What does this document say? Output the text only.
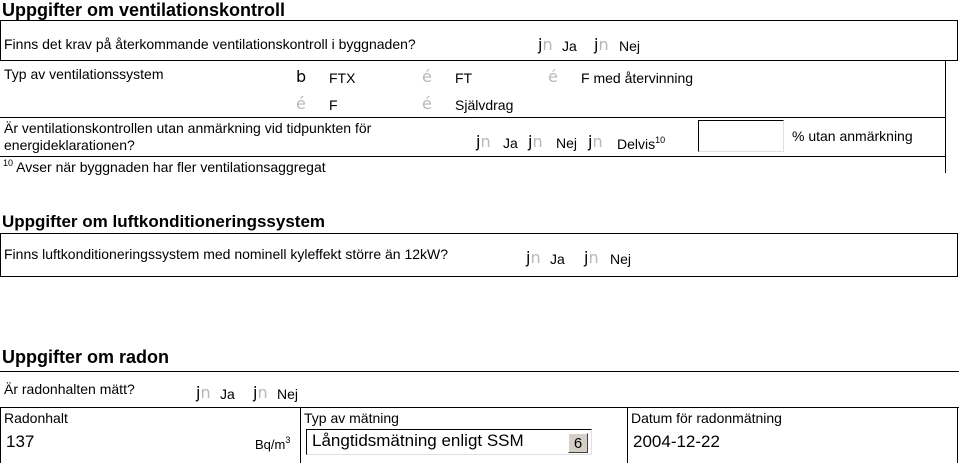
Uppgifter om ventilationskontroll
Finns det krav på återkommande ventilationskontroll i byggnaden?	jn Ja jn Nej
Typ av ventilationssystem	b FTX	é FT	é F med återvinning
é F	é Självdrag
Är ventilationskontrollen utan anmärkning vid tidpunkten för
energideklarationen?	jn Ja jn Nej jn Delvis$^{10}$	% utan anmärkning
$^{10}$ Avser när byggnaden har fler ventilationsaggregat
Uppgifter om luftkonditioneringssystem
Finns luftkonditioneringssystem med nominell kyleffekt större än 12kW?	jn Ja jn Nej
Uppgifter om radon
Är radonhalten mätt?	jn Ja jn Nej
Radonhalt
137	$Bq/m^3$
Typ av mätning
Långtidsmätning enligt SSM	6
Datum för radonmätning
2004-12-22
